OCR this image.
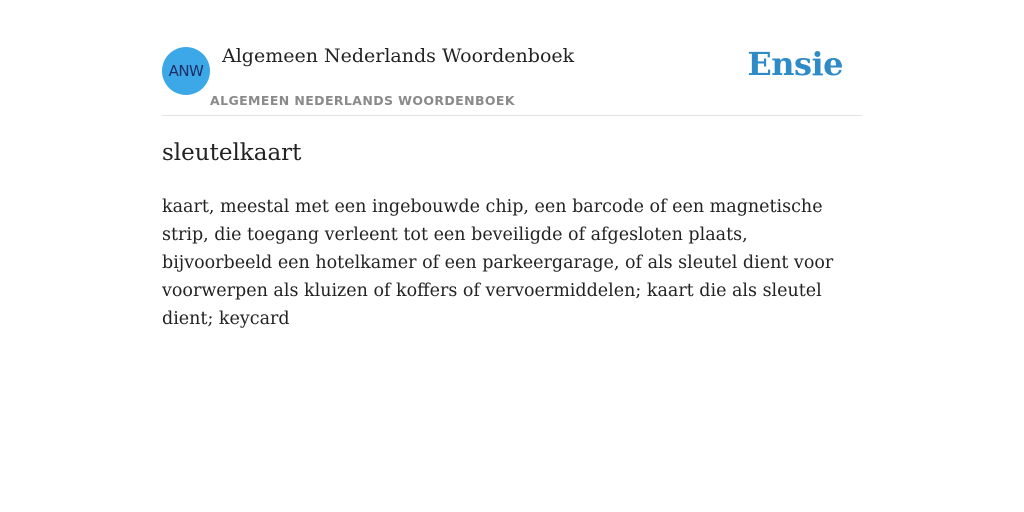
ANW
Algemeen Nederlands Woordenboek
ALGEMEEN NEDERLANDS WOORDENBOEK
Ensie
sleutelkaart

kaart, meestal met een ingebouwde chip, een barcode of een magnetische strip, die toegang verleent tot een beveiligde of afgesloten plaats, bijvoorbeeld een hotelkamer of een parkeergarage, of als sleutel dient voor voorwerpen als kluizen of koffers of vervoermiddelen; kaart die als sleutel dient; keycard
